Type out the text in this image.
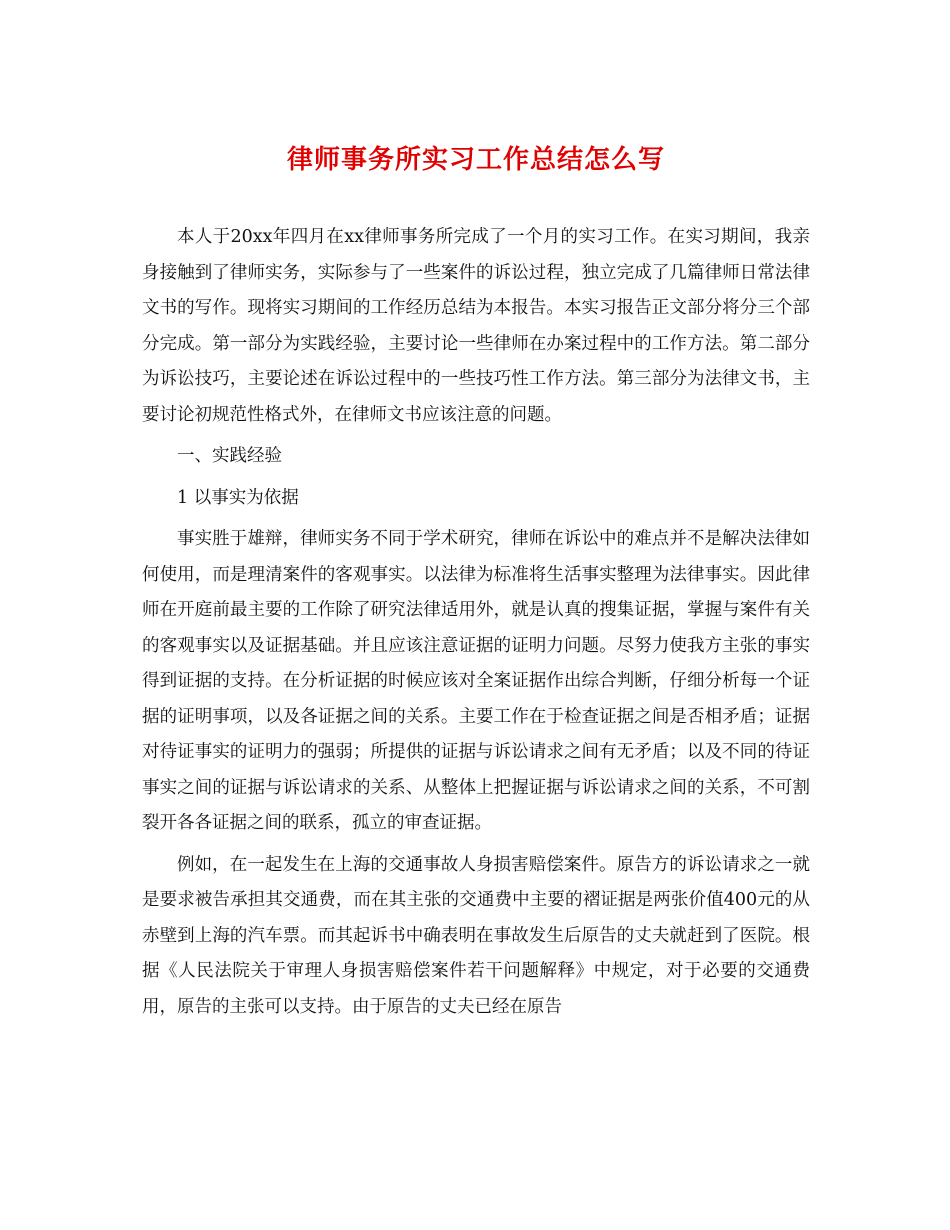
律师事务所实习工作总结怎么写

本人于20xx年四月在xx律师事务所完成了一个月的实习工作。在实习期间，我亲身接触到了律师实务，实际参与了一些案件的诉讼过程，独立完成了几篇律师日常法律文书的写作。现将实习期间的工作经历总结为本报告。本实习报告正文部分将分三个部分完成。第一部分为实践经验，主要讨论一些律师在办案过程中的工作方法。第二部分为诉讼技巧，主要论述在诉讼过程中的一些技巧性工作方法。第三部分为法律文书，主要讨论初规范性格式外，在律师文书应该注意的问题。

一、实践经验

1 以事实为依据

事实胜于雄辩，律师实务不同于学术研究，律师在诉讼中的难点并不是解决法律如何使用，而是理清案件的客观事实。以法律为标准将生活事实整理为法律事实。因此律师在开庭前最主要的工作除了研究法律适用外，就是认真的搜集证据，掌握与案件有关的客观事实以及证据基础。并且应该注意证据的证明力问题。尽努力使我方主张的事实得到证据的支持。在分析证据的时候应该对全案证据作出综合判断，仔细分析每一个证据的证明事项，以及各证据之间的关系。主要工作在于检查证据之间是否相矛盾；证据对待证事实的证明力的强弱；所提供的证据与诉讼请求之间有无矛盾；以及不同的待证事实之间的证据与诉讼请求的关系、从整体上把握证据与诉讼请求之间的关系，不可割裂开各各证据之间的联系，孤立的审查证据。

例如，在一起发生在上海的交通事故人身损害赔偿案件。原告方的诉讼请求之一就是要求被告承担其交通费，而在其主张的交通费中主要的褶证据是两张价值400元的从赤壁到上海的汽车票。而其起诉书中确表明在事故发生后原告的丈夫就赶到了医院。根据《人民法院关于审理人身损害赔偿案件若干问题解释》中规定，对于必要的交通费用，原告的主张可以支持。由于原告的丈夫已经在原告
